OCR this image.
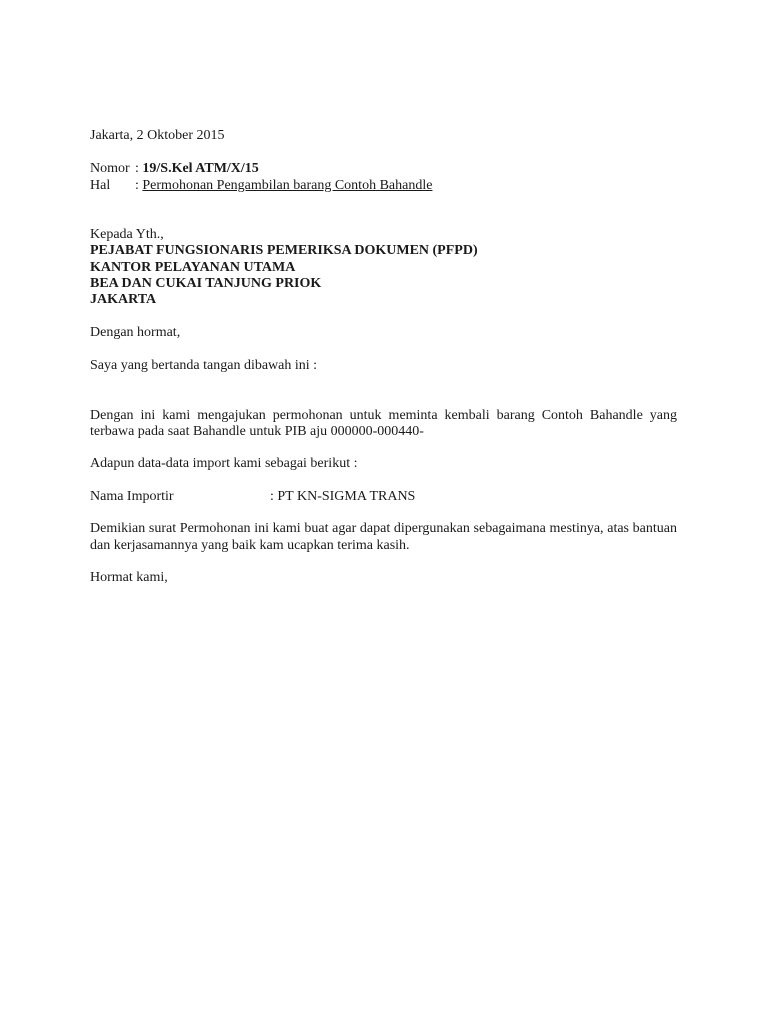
Jakarta, 2 Oktober 2015
Nomor : 19/S.Kel ATM/X/15
Hal : Permohonan Pengambilan barang Contoh Bahandle
Kepada Yth.,
PEJABAT FUNGSIONARIS PEMERIKSA DOKUMEN (PFPD)
KANTOR PELAYANAN UTAMA
BEA DAN CUKAI TANJUNG PRIOK
JAKARTA
Dengan hormat,
Saya yang bertanda tangan dibawah ini :
Dengan ini kami mengajukan permohonan untuk meminta kembali barang Contoh Bahandle yang
terbawa pada saat Bahandle untuk PIB aju 000000-000440-
Adapun data-data import kami sebagai berikut :
Nama Importir	: PT KN-SIGMA TRANS
Demikian surat Permohonan ini kami buat agar dapat dipergunakan sebagaimana mestinya, atas bantuan
dan kerjasamannya yang baik kam ucapkan terima kasih.
Hormat kami,
